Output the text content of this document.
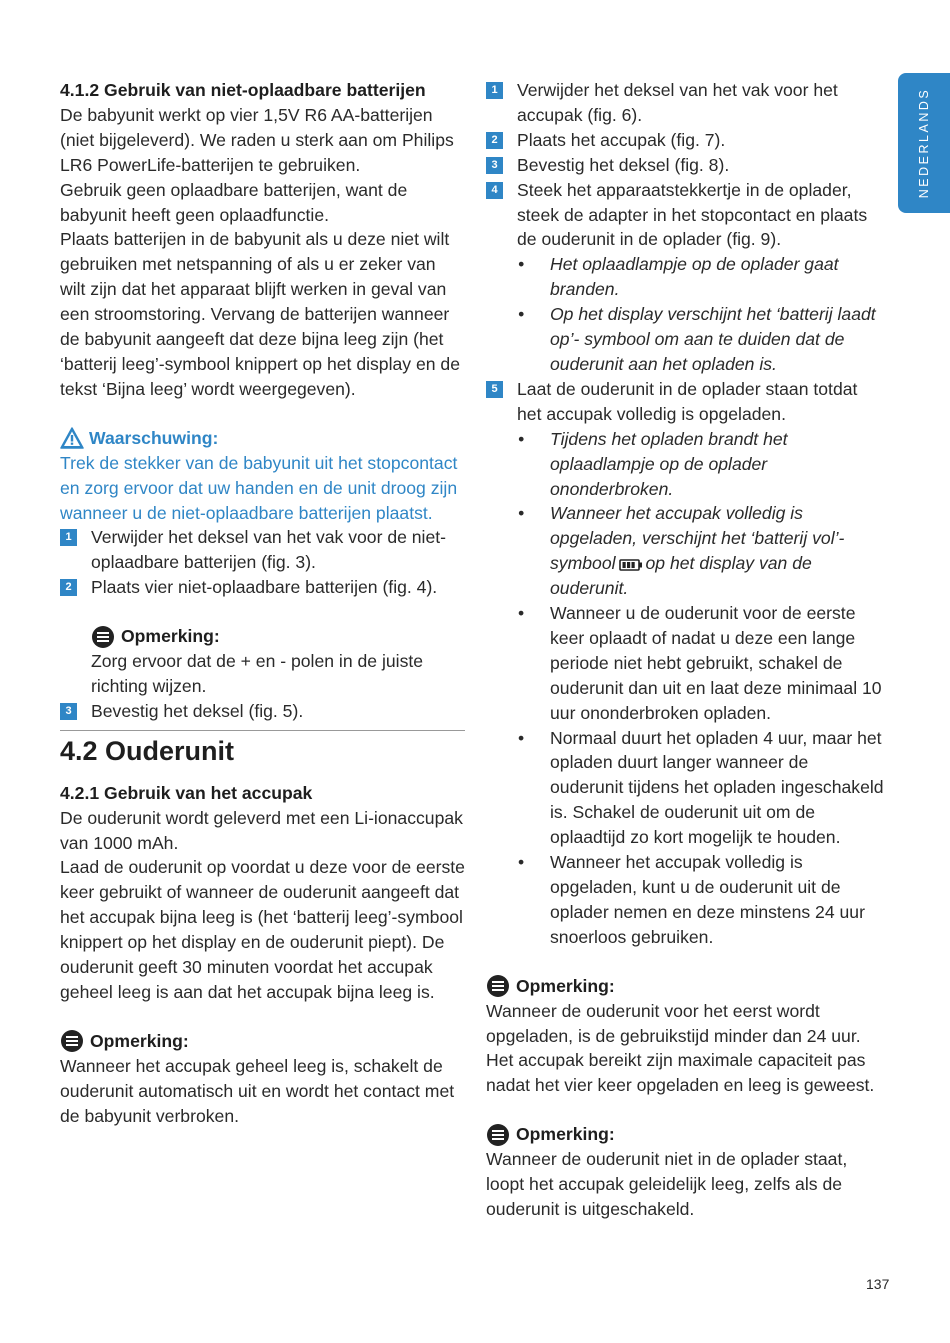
NEDERLANDS
4.1.2 Gebruik van niet-oplaadbare batterijen

De babyunit werkt op vier 1,5V R6 AA-batterijen (niet bijgeleverd). We raden u sterk aan om Philips LR6 PowerLife-batterijen te gebruiken.

Gebruik geen oplaadbare batterijen, want de babyunit heeft geen oplaadfunctie.

Plaats batterijen in de babyunit als u deze niet wilt gebruiken met netspanning of als u er zeker van wilt zijn dat het apparaat blijft werken in geval van een stroomstoring. Vervang de batterijen wanneer de babyunit aangeeft dat deze bijna leeg zijn (het ‘batterij leeg’-symbool knippert op het display en de tekst ‘Bijna leeg’ wordt weergegeven).

Waarschuwing:

Trek de stekker van de babyunit uit het stopcontact en zorg ervoor dat uw handen en de unit droog zijn wanneer u de niet-oplaadbare batterijen plaatst.

1	Verwijder het deksel van het vak voor de niet-oplaadbare batterijen (fig. 3).
2	Plaats vier niet-oplaadbare batterijen (fig. 4).
Opmerking:

Zorg ervoor dat de + en - polen in de juiste richting wijzen.

3	Bevestig het deksel (fig. 5).
4.2 Ouderunit
4.2.1 Gebruik van het accupak

De ouderunit wordt geleverd met een Li-ionaccupak van 1000 mAh.

Laad de ouderunit op voordat u deze voor de eerste keer gebruikt of wanneer de ouderunit aangeeft dat het accupak bijna leeg is (het ‘batterij leeg’-symbool knippert op het display en de ouderunit piept). De ouderunit geeft 30 minuten voordat het accupak geheel leeg is aan dat het accupak bijna leeg is.

Opmerking:

Wanneer het accupak geheel leeg is, schakelt de ouderunit automatisch uit en wordt het contact met de babyunit verbroken.

1	Verwijder het deksel van het vak voor het accupak (fig. 6).
2	Plaats het accupak (fig. 7).
3	Bevestig het deksel (fig. 8).
4	Steek het apparaatstekkertje in de oplader, steek de adapter in het stopcontact en plaats de ouderunit in de oplader (fig. 9).
• Het oplaadlampje op de oplader gaat branden.
• Op het display verschijnt het ‘batterij laadt op’- symbool om aan te duiden dat de ouderunit aan het opladen is.
5	Laat de ouderunit in de oplader staan totdat het accupak volledig is opgeladen.
• Tijdens het opladen brandt het oplaadlampje op de oplader ononderbroken.
• Wanneer het accupak volledig is opgeladen, verschijnt het ‘batterij vol’-symbool op het display van de ouderunit.
• Wanneer u de ouderunit voor de eerste keer oplaadt of nadat u deze een lange periode niet hebt gebruikt, schakel de ouderunit dan uit en laat deze minimaal 10 uur ononderbroken opladen.
• Normaal duurt het opladen 4 uur, maar het opladen duurt langer wanneer de ouderunit tijdens het opladen ingeschakeld is. Schakel de ouderunit uit om de oplaadtijd zo kort mogelijk te houden.
• Wanneer het accupak volledig is opgeladen, kunt u de ouderunit uit de oplader nemen en deze minstens 24 uur snoerloos gebruiken.
Opmerking:

Wanneer de ouderunit voor het eerst wordt opgeladen, is de gebruikstijd minder dan 24 uur. Het accupak bereikt zijn maximale capaciteit pas nadat het vier keer opgeladen en leeg is geweest.

Opmerking:

Wanneer de ouderunit niet in de oplader staat, loopt het accupak geleidelijk leeg, zelfs als de ouderunit is uitgeschakeld.

137
